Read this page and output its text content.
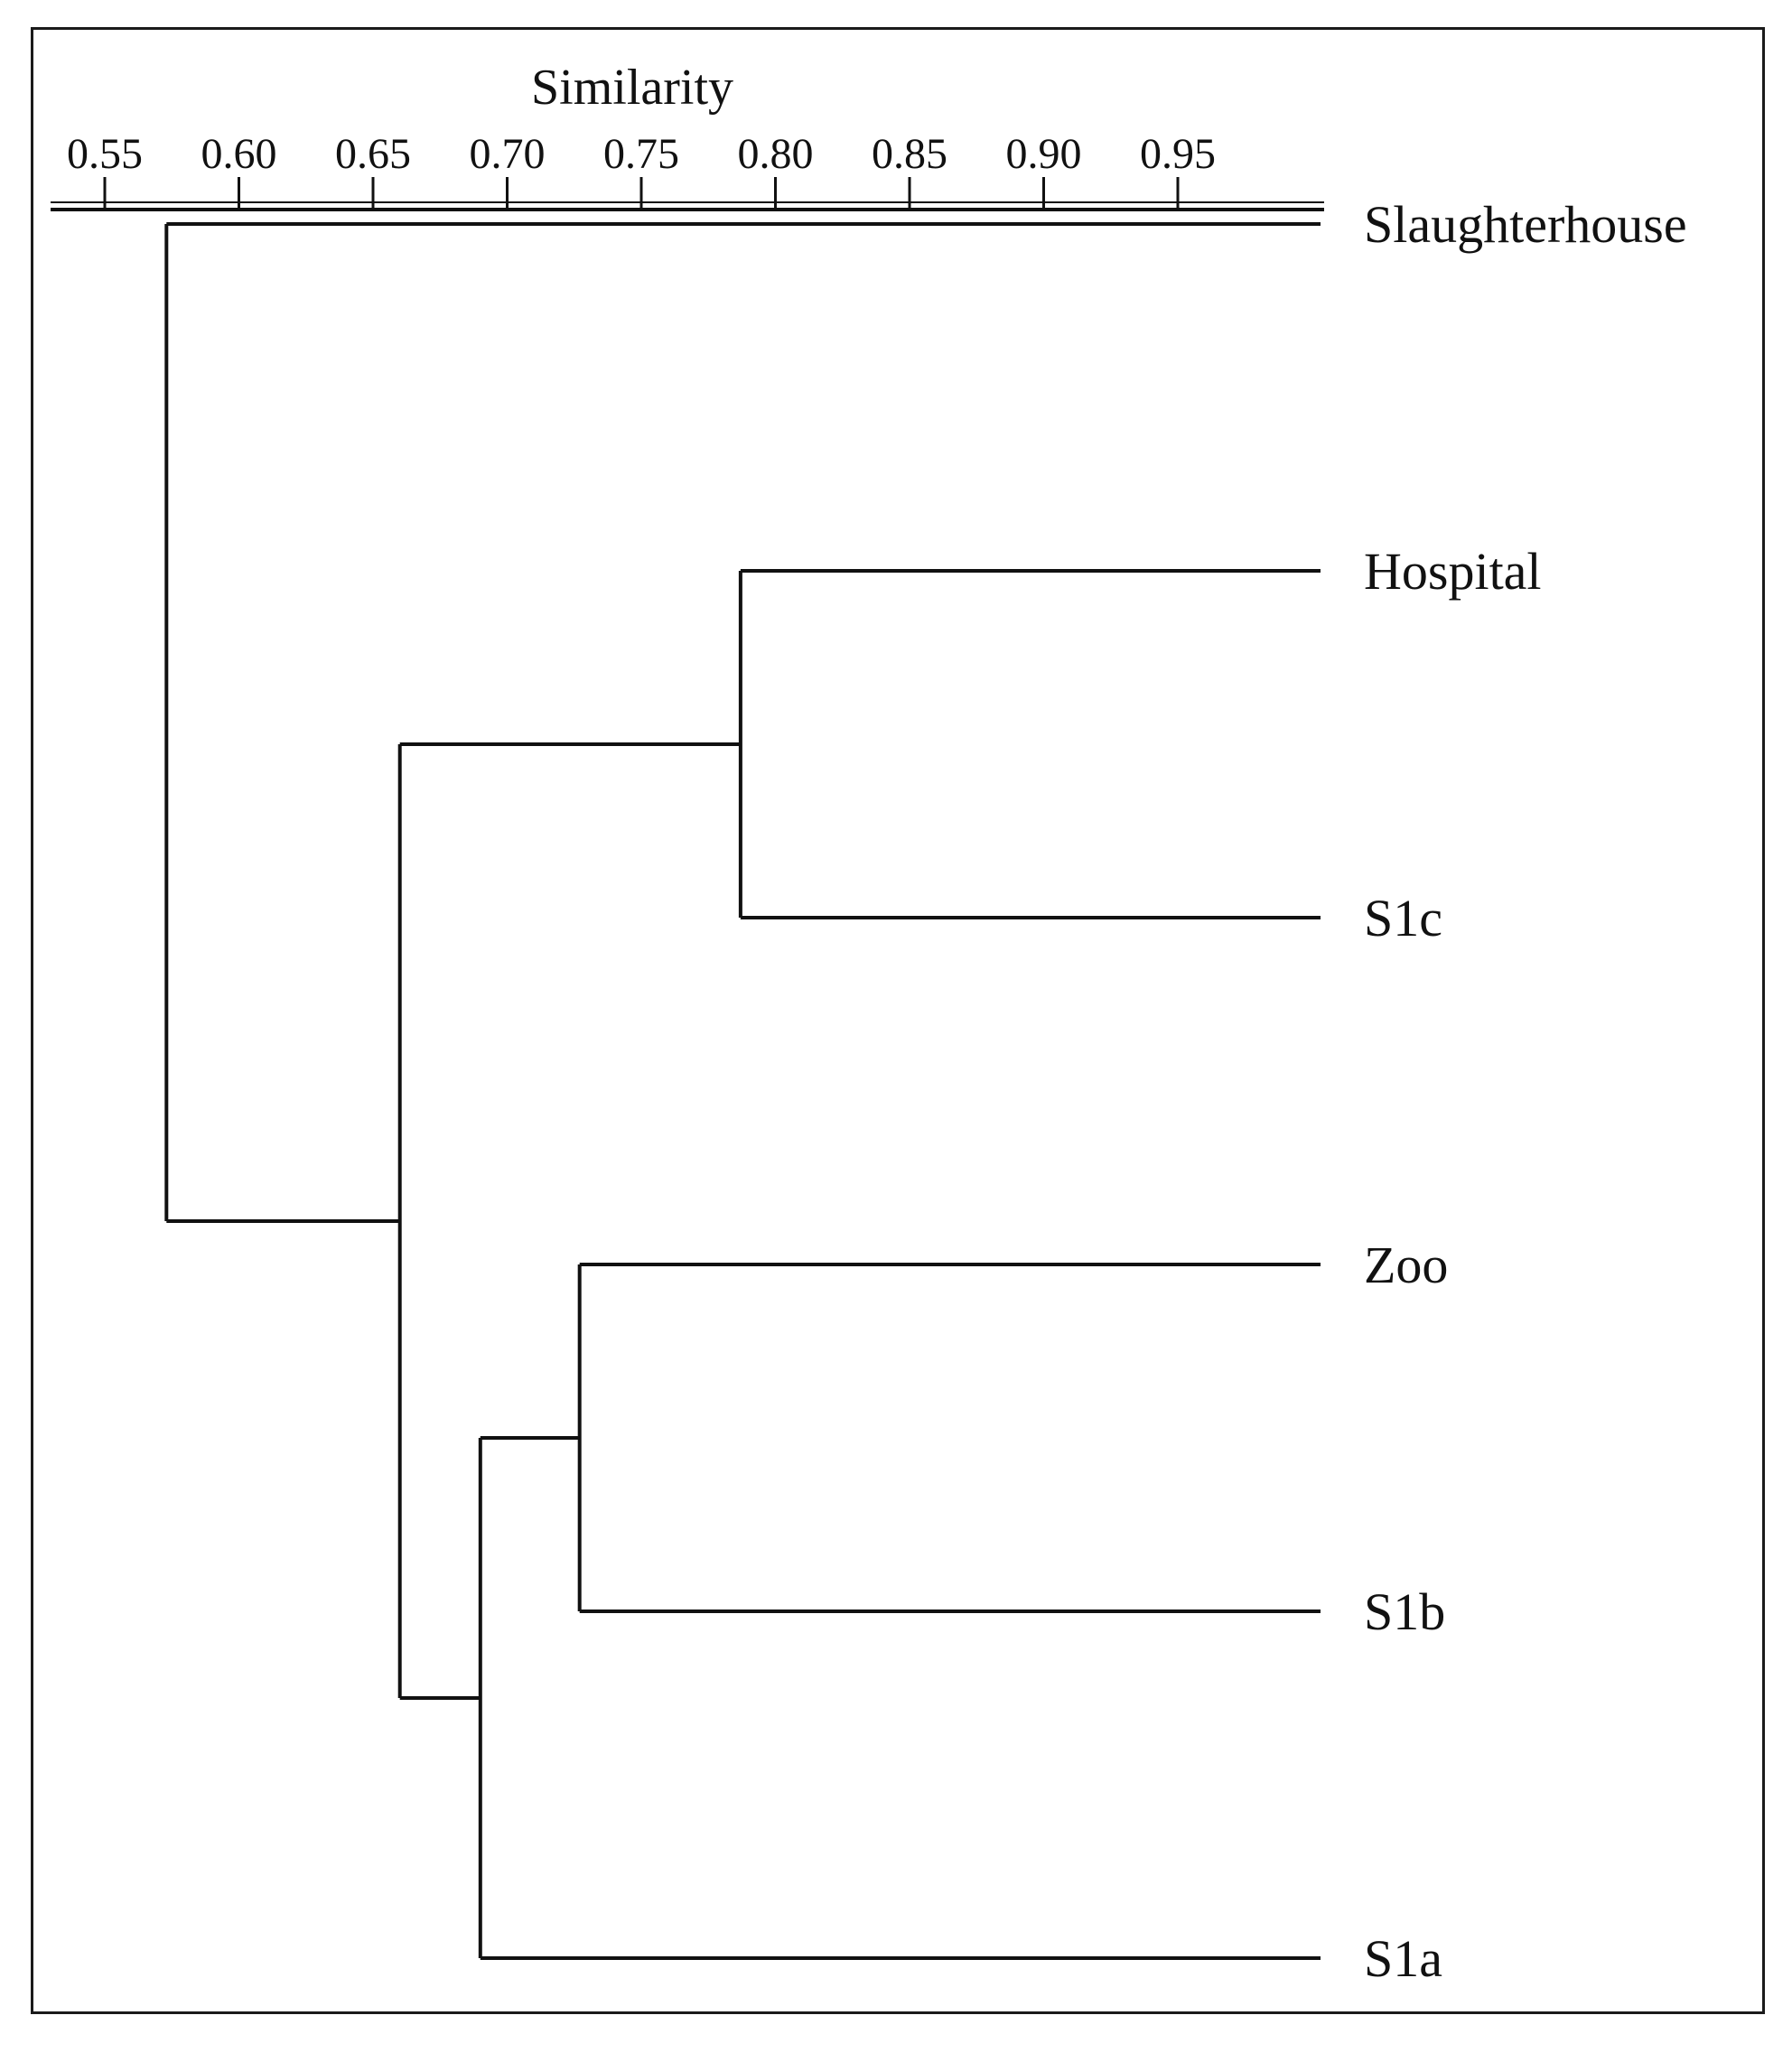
Similarity
0.55 0.60 0.65 0.70 0.75 0.80 0.85 0.90 0.95
Slaughterhouse
Hospital
S1c
Zoo
S1b
S1a
